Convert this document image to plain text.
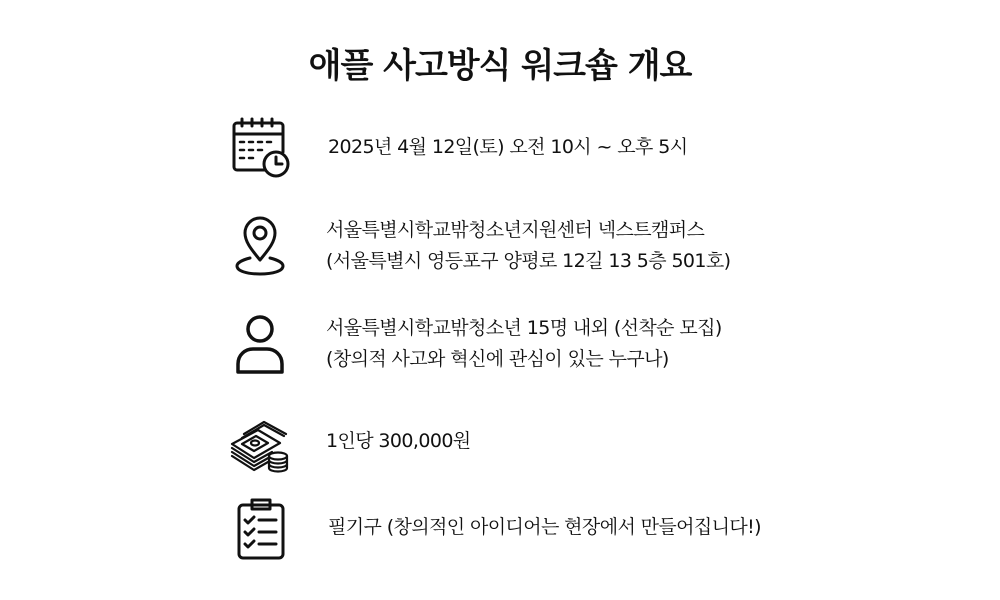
애플 사고방식 워크숍 개요
2025년 4월 12일(토) 오전 10시 ~ 오후 5시
서울특별시학교밖청소년지원센터 넥스트캠퍼스
(서울특별시 영등포구 양평로 12길 13 5층 501호)
서울특별시학교밖청소년 15명 내외 (선착순 모집)
(창의적 사고와 혁신에 관심이 있는 누구나)
1인당 300,000원
필기구 (창의적인 아이디어는 현장에서 만들어집니다!)
